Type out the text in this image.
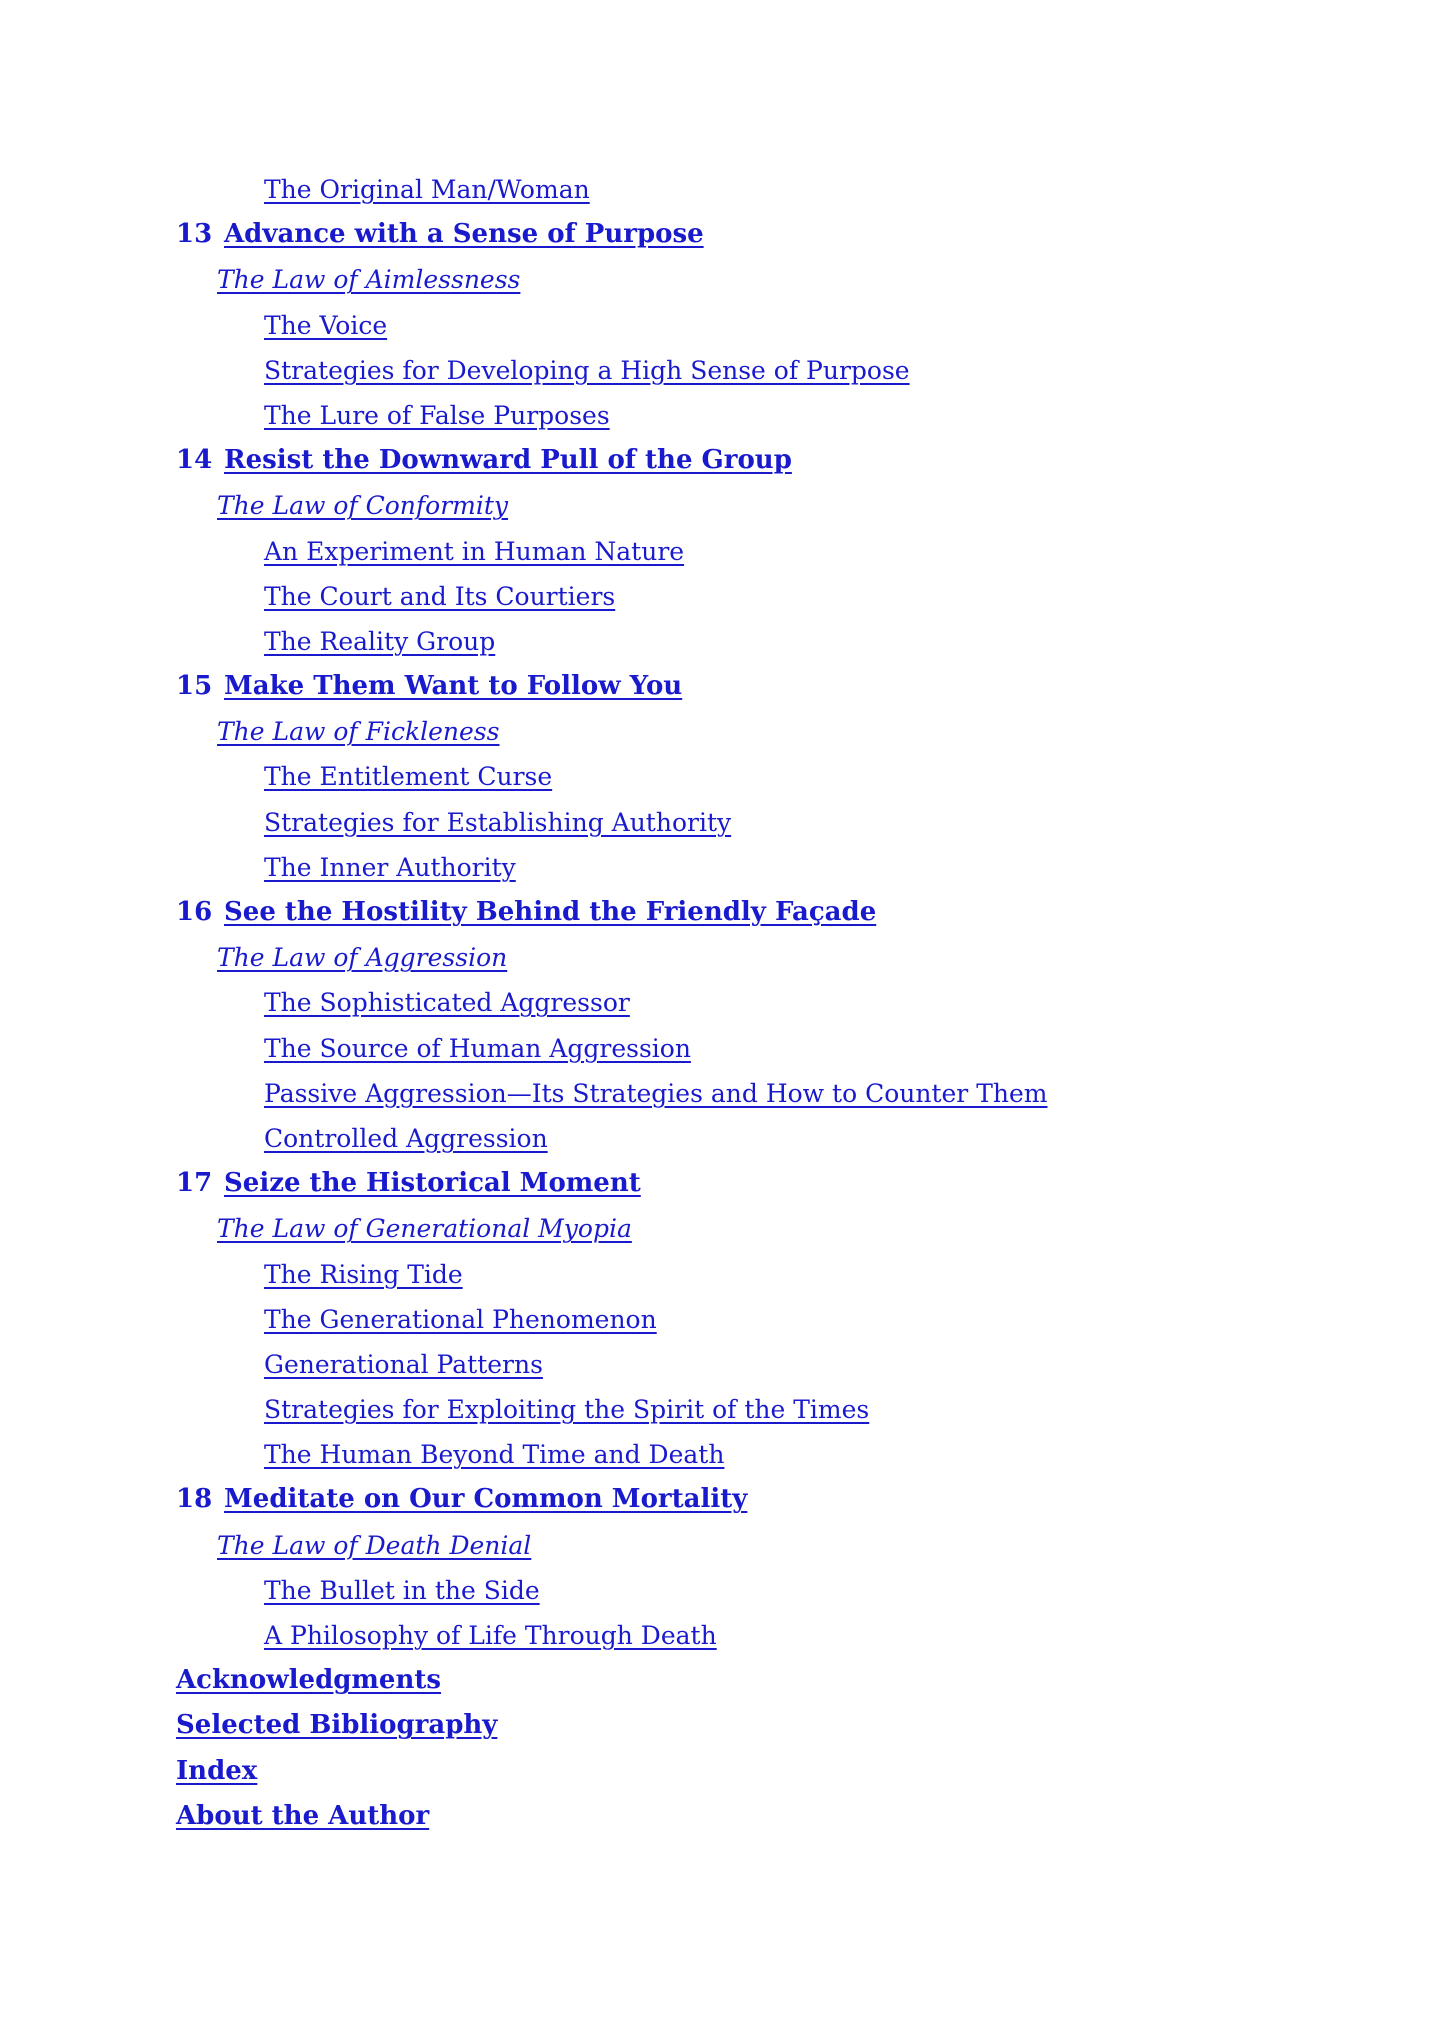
The Original Man/Woman
13 Advance with a Sense of Purpose
The Law of Aimlessness
The Voice
Strategies for Developing a High Sense of Purpose
The Lure of False Purposes
14 Resist the Downward Pull of the Group
The Law of Conformity
An Experiment in Human Nature
The Court and Its Courtiers
The Reality Group
15 Make Them Want to Follow You
The Law of Fickleness
The Entitlement Curse
Strategies for Establishing Authority
The Inner Authority
16 See the Hostility Behind the Friendly Façade
The Law of Aggression
The Sophisticated Aggressor
The Source of Human Aggression
Passive Aggression—Its Strategies and How to Counter Them
Controlled Aggression
17 Seize the Historical Moment
The Law of Generational Myopia
The Rising Tide
The Generational Phenomenon
Generational Patterns
Strategies for Exploiting the Spirit of the Times
The Human Beyond Time and Death
18 Meditate on Our Common Mortality
The Law of Death Denial
The Bullet in the Side
A Philosophy of Life Through Death
Acknowledgments
Selected Bibliography
Index
About the Author
